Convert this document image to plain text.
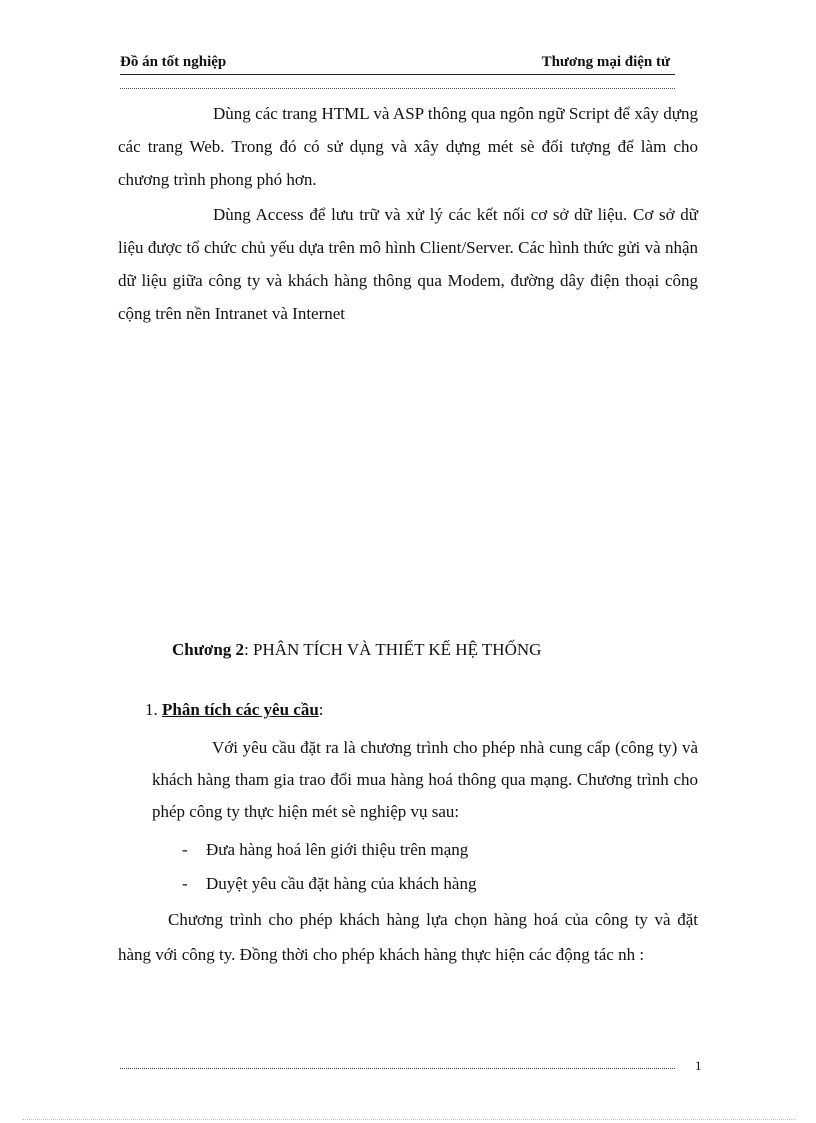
Đồ án tốt nghiệp	Thương mại điện tử
Dùng các trang HTML và ASP thông qua ngôn ngữ Script để xây dựng các trang Web. Trong đó có sử dụng và xây dựng mét sè đối tượng để làm cho chương trình phong phó hơn.
Dùng Access để lưu trữ và xử lý các kết nối cơ sở dữ liệu. Cơ sở dữ liệu được tổ chức chủ yếu dựa trên mô hình Client/Server. Các hình thức gửi và nhận dữ liệu giữa công ty và khách hàng thông qua Modem, đường dây điện thoại công cộng trên nền Intranet và Internet
Chương 2: PHÂN TÍCH VÀ THIẾT KẾ HỆ THỐNG
1. Phân tích các yêu cầu:
Với yêu cầu đặt ra là chương trình cho phép nhà cung cấp (công ty) và khách hàng tham gia trao đổi mua hàng hoá thông qua mạng. Chương trình cho phép công ty thực hiện mét sè nghiệp vụ sau:
- Đưa hàng hoá lên giới thiệu trên mạng
- Duyệt yêu cầu đặt hàng của khách hàng
Chương trình cho phép khách hàng lựa chọn hàng hoá của công ty và đặt hàng với công ty. Đồng thời cho phép khách hàng thực hiện các động tác nh :
1
